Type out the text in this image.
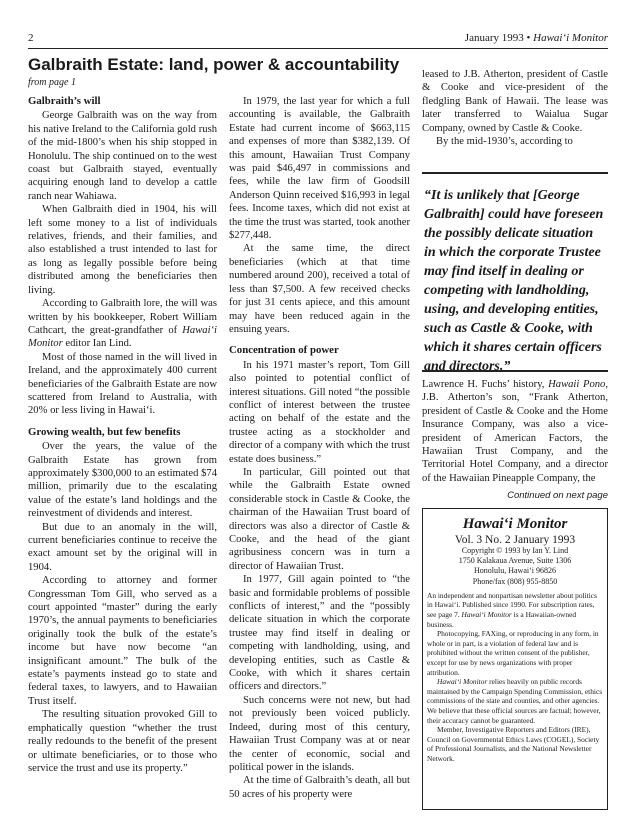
2	January 1993 • Hawai‘i Monitor
Galbraith Estate: land, power & accountability
from page 1
Galbraith’s will

George Galbraith was on the way from his native Ireland to the California gold rush of the mid-1800’s when his ship stopped in Honolulu. The ship continued on to the west coast but Galbraith stayed, eventually acquiring enough land to develop a cattle ranch near Wahiawa.

When Galbraith died in 1904, his will left some money to a list of individuals relatives, friends, and their families, and also established a trust intended to last for as long as legally possible before being distributed among the beneficiaries then living.

According to Galbraith lore, the will was written by his bookkeeper, Robert William Cathcart, the great-grandfather of Hawai‘i Monitor editor Ian Lind.

Most of those named in the will lived in Ireland, and the approximately 400 current beneficiaries of the Galbraith Estate are now scattered from Ireland to Australia, with 20% or less living in Hawai‘i.

Growing wealth, but few benefits

Over the years, the value of the Galbraith Estate has grown from approximately $300,000 to an estimated $74 million, primarily due to the escalating value of the estate’s land holdings and the reinvestment of dividends and interest.

But due to an anomaly in the will, current beneficiaries continue to receive the exact amount set by the original will in 1904.

According to attorney and former Congressman Tom Gill, who served as a court appointed “master” during the early 1970’s, the annual payments to beneficiaries originally took the bulk of the estate’s income but have now become “an insignificant amount.” The bulk of the estate’s payments instead go to state and federal taxes, to lawyers, and to Hawaiian Trust itself.

The resulting situation provoked Gill to emphatically question “whether the trust really redounds to the benefit of the present or ultimate beneficiaries, or to those who service the trust and use its property.”

In 1979, the last year for which a full accounting is available, the Galbraith Estate had current income of $663,115 and expenses of more than $382,139. Of this amount, Hawaiian Trust Company was paid $46,497 in commissions and fees, while the law firm of Goodsill Anderson Quinn received $16,993 in legal fees. Income taxes, which did not exist at the time the trust was started, took another $277,448.

At the same time, the direct beneficiaries (which at that time numbered around 200), received a total of less than $7,500. A few received checks for just 31 cents apiece, and this amount may have been reduced again in the ensuing years.

Concentration of power

In his 1971 master’s report, Tom Gill also pointed to potential conflict of interest situations. Gill noted “the possible conflict of interest between the trustee acting on behalf of the estate and the trustee acting as a stockholder and director of a company with which the trust estate does business.”

In particular, Gill pointed out that while the Galbraith Estate owned considerable stock in Castle & Cooke, the chairman of the Hawaiian Trust board of directors was also a director of Castle & Cooke, and the head of the giant agribusiness concern was in turn a director of Hawaiian Trust.

In 1977, Gill again pointed to “the basic and formidable problems of possible conflicts of interest,” and the “possibly delicate situation in which the corporate trustee may find itself in dealing or competing with landholding, using, and developing entities, such as Castle & Cooke, with which it shares certain officers and directors.”

Such concerns were not new, but had not previously been voiced publicly. Indeed, during most of this century, Hawaiian Trust Company was at or near the center of economic, social and political power in the islands.

At the time of Galbraith’s death, all but 50 acres of his property were

leased to J.B. Atherton, president of Castle & Cooke and vice-president of the fledgling Bank of Hawaii. The lease was later transferred to Waialua Sugar Company, owned by Castle & Cooke.

By the mid-1930’s, according to

“It is unlikely that [George Galbraith] could have foreseen the possibly delicate situation in which the corporate Trustee may find itself in dealing or competing with landholding, using, and developing entities, such as Castle & Cooke, with which it shares certain officers and directors.”

Lawrence H. Fuchs’ history, Hawaii Pono, J.B. Atherton’s son, “Frank Atherton, president of Castle & Cooke and the Home Insurance Company, was also a vice-president of American Factors, the Hawaiian Trust Company, and the Territorial Hotel Company, and a director of the Hawaiian Pineapple Company, the

Continued on next page
Hawai‘i Monitor
Vol. 3 No. 2 January 1993
Copyright © 1993 by Ian Y. Lind
1750 Kalakaua Avenue, Suite 1306
Honolulu, Hawai‘i 96826
Phone/fax (808) 955-8850

An independent and nonpartisan newsletter about politics in Hawai‘i. Published since 1990. For subscription rates, see page 7. Hawai‘i Monitor is a Hawaiian-owned business.

Photocopying, FAXing, or reproducing in any form, in whole or in part, is a violation of federal law and is prohibited without the written consent of the publisher, except for use by news organizations with proper attribution.

Hawai‘i Monitor relies heavily on public records maintained by the Campaign Spending Commission, ethics commissions of the state and counties, and other agencies. We believe that these official sources are factual; however, their accuracy cannot be guaranteed.

Member, Investigative Reporters and Editors (IRE), Council on Governmental Ethics Laws (COGEL), Society of Professional Journalists, and the National Newsletter Network.
